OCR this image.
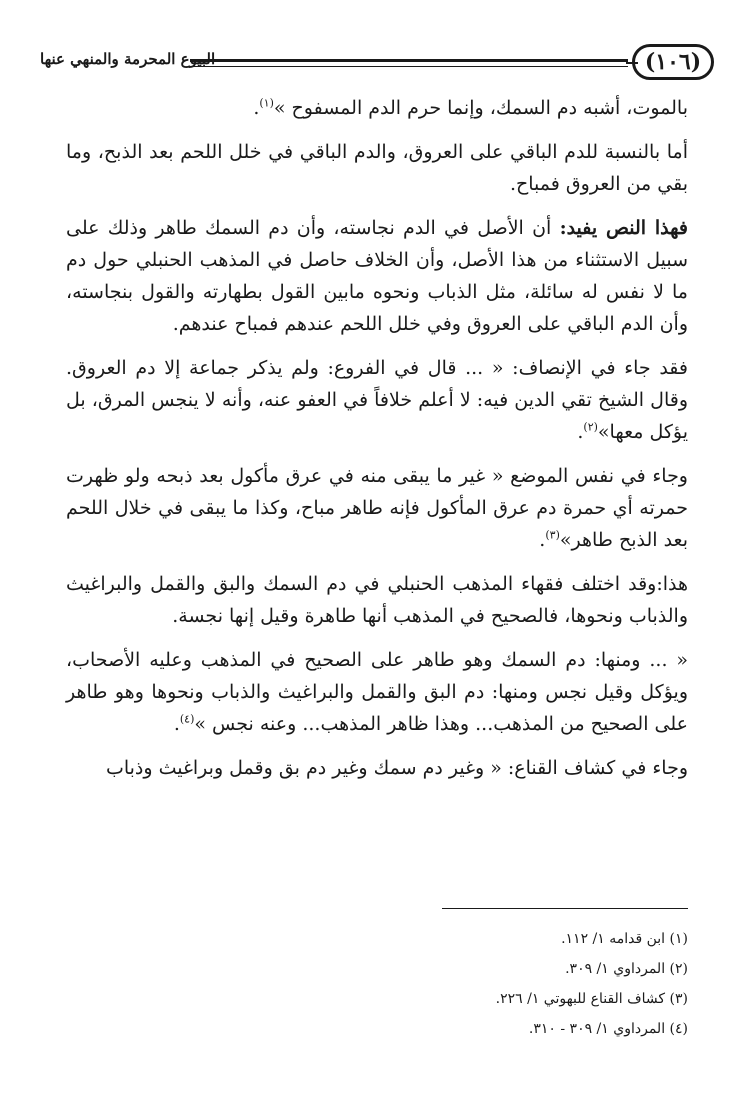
(١٠٦)
البيوع المحرمة والمنهي عنها

بالموت، أشبه دم السمك، وإنما حرم الدم المسفوح »$^{(١)}$.

أما بالنسبة للدم الباقي على العروق، والدم الباقي في خلل اللحم بعد الذبح، وما بقي من العروق فمباح.

فهذا النص يفيد: أن الأصل في الدم نجاسته، وأن دم السمك طاهر وذلك على سبيل الاستثناء من هذا الأصل، وأن الخلاف حاصل في المذهب الحنبلي حول دم ما لا نفس له سائلة، مثل الذباب ونحوه مابين القول بطهارته والقول بنجاسته، وأن الدم الباقي على العروق وفي خلل اللحم عندهم فمباح عندهم.

فقد جاء في الإنصاف: « ... قال في الفروع: ولم يذكر جماعة إلا دم العروق. وقال الشيخ تقي الدين فيه: لا أعلم خلافاً في العفو عنه، وأنه لا ينجس المرق، بل يؤكل معها»$^{(٢)}$.

وجاء في نفس الموضع « غير ما يبقى منه في عرق مأكول بعد ذبحه ولو ظهرت حمرته أي حمرة دم عرق المأكول فإنه طاهر مباح، وكذا ما يبقى في خلال اللحم بعد الذبح طاهر»$^{(٣)}$.

هذا:وقد اختلف فقهاء المذهب الحنبلي في دم السمك والبق والقمل والبراغيث والذباب ونحوها، فالصحيح في المذهب أنها طاهرة وقيل إنها نجسة.

« ... ومنها: دم السمك وهو طاهر على الصحيح في المذهب وعليه الأصحاب، ويؤكل وقيل نجس ومنها: دم البق والقمل والبراغيث والذباب ونحوها وهو طاهر على الصحيح من المذهب... وهذا ظاهر المذهب... وعنه نجس »$^{(٤)}$.

وجاء في كشاف القناع: « وغير دم سمك وغير دم بق وقمل وبراغيث وذباب

(١) ابن قدامه ١/ ١١٢.

(٢) المرداوي ١/ ٣٠٩.

(٣) كشاف القناع للبهوتي ١/ ٢٢٦.

(٤) المرداوي ١/ ٣٠٩ - ٣١٠.
